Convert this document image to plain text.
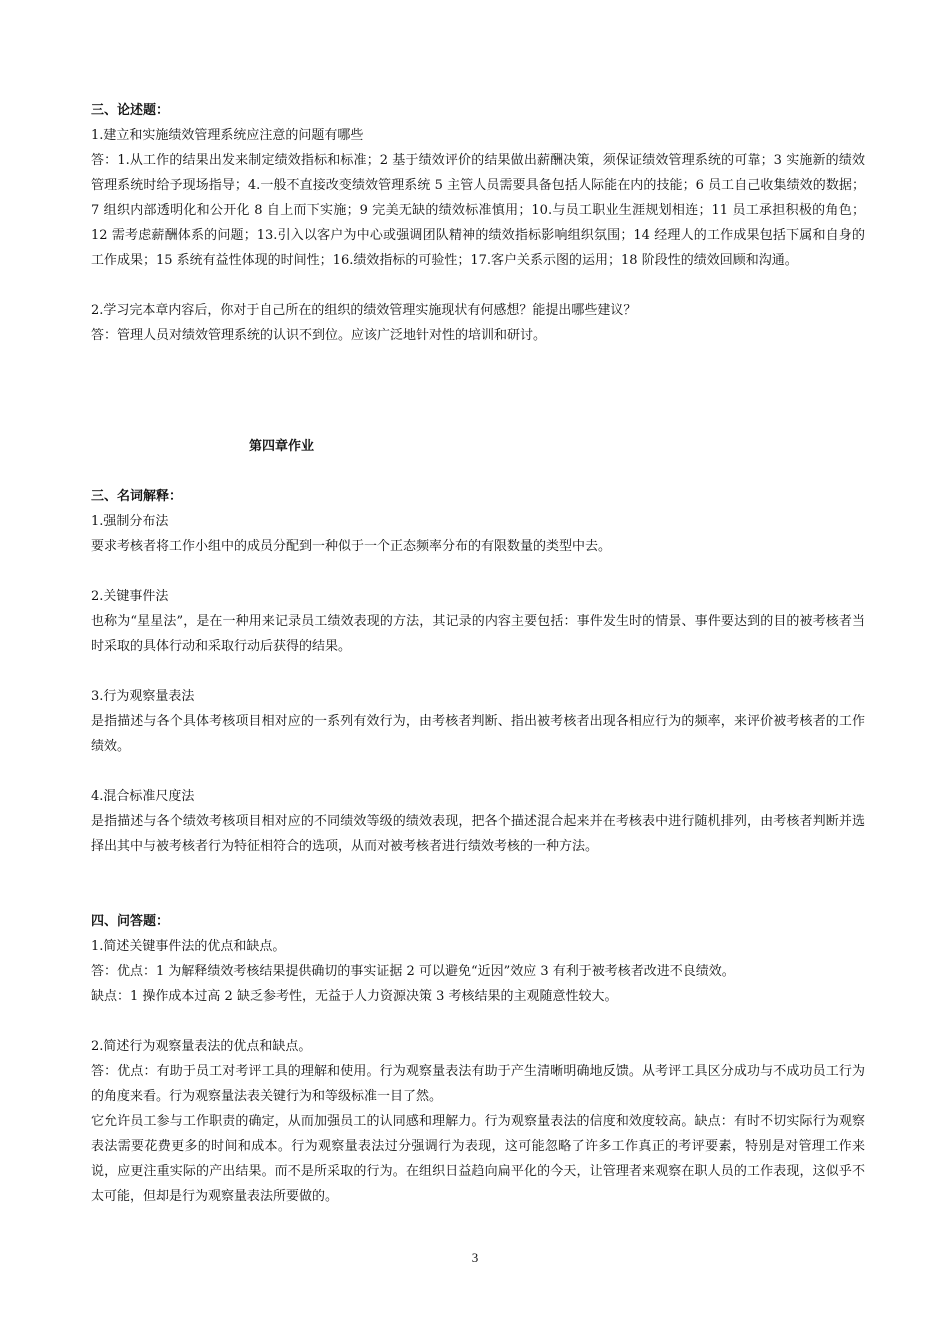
三、论述题：

1.建立和实施绩效管理系统应注意的问题有哪些

答：1.从工作的结果出发来制定绩效指标和标准；2 基于绩效评价的结果做出薪酬决策，须保证绩效管理系统的可靠；3 实施新的绩效管理系统时给予现场指导；4.一般不直接改变绩效管理系统 5 主管人员需要具备包括人际能在内的技能；6 员工自己收集绩效的数据；7 组织内部透明化和公开化 8 自上而下实施；9 完美无缺的绩效标准慎用；10.与员工职业生涯规划相连；11 员工承担积极的角色；12 需考虑薪酬体系的问题；13.引入以客户为中心或强调团队精神的绩效指标影响组织氛围；14 经理人的工作成果包括下属和自身的工作成果；15 系统有益性体现的时间性；16.绩效指标的可验性；17.客户关系示图的运用；18 阶段性的绩效回顾和沟通。

2.学习完本章内容后，你对于自己所在的组织的绩效管理实施现状有何感想？能提出哪些建议？

答：管理人员对绩效管理系统的认识不到位。应该广泛地针对性的培训和研讨。

第四章作业

三、名词解释：

1.强制分布法

要求考核者将工作小组中的成员分配到一种似于一个正态频率分布的有限数量的类型中去。

2.关键事件法

也称为“星星法”，是在一种用来记录员工绩效表现的方法，其记录的内容主要包括：事件发生时的情景、事件要达到的目的被考核者当时采取的具体行动和采取行动后获得的结果。

3.行为观察量表法

是指描述与各个具体考核项目相对应的一系列有效行为，由考核者判断、指出被考核者出现各相应行为的频率，来评价被考核者的工作绩效。

4.混合标准尺度法

是指描述与各个绩效考核项目相对应的不同绩效等级的绩效表现，把各个描述混合起来并在考核表中进行随机排列，由考核者判断并选择出其中与被考核者行为特征相符合的选项，从而对被考核者进行绩效考核的一种方法。

四、问答题：

1.简述关键事件法的优点和缺点。

答：优点：1 为解释绩效考核结果提供确切的事实证据 2 可以避免“近因”效应 3 有利于被考核者改进不良绩效。

缺点：1 操作成本过高 2 缺乏参考性，无益于人力资源决策 3 考核结果的主观随意性较大。

2.简述行为观察量表法的优点和缺点。

答：优点：有助于员工对考评工具的理解和使用。行为观察量表法有助于产生清晰明确地反馈。从考评工具区分成功与不成功员工行为的角度来看。行为观察量法表关键行为和等级标准一目了然。

它允许员工参与工作职责的确定，从而加强员工的认同感和理解力。行为观察量表法的信度和效度较高。缺点：有时不切实际行为观察表法需要花费更多的时间和成本。行为观察量表法过分强调行为表现，这可能忽略了许多工作真正的考评要素，特别是对管理工作来说，应更注重实际的产出结果。而不是所采取的行为。在组织日益趋向扁平化的今天，让管理者来观察在职人员的工作表现，这似乎不太可能，但却是行为观察量表法所要做的。

3
